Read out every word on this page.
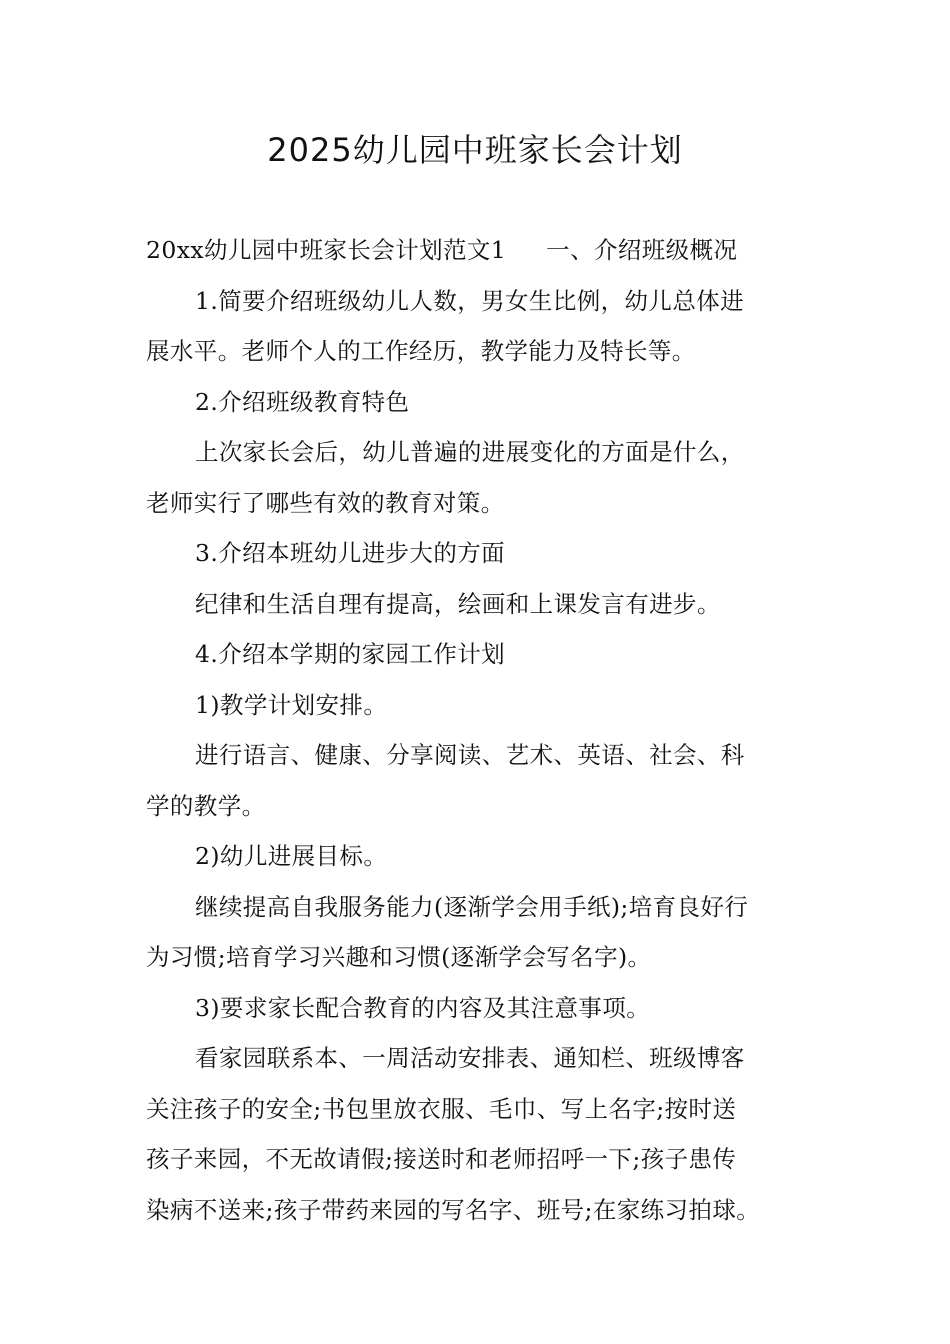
2025幼儿园中班家长会计划
20xx幼儿园中班家长会计划范文1 一、介绍班级概况
1.简要介绍班级幼儿人数，男女生比例，幼儿总体进
展水平。老师个人的工作经历，教学能力及特长等。
2.介绍班级教育特色
上次家长会后，幼儿普遍的进展变化的方面是什么，
老师实行了哪些有效的教育对策。
3.介绍本班幼儿进步大的方面
纪律和生活自理有提高，绘画和上课发言有进步。
4.介绍本学期的家园工作计划
1)教学计划安排。
进行语言、健康、分享阅读、艺术、英语、社会、科
学的教学。
2)幼儿进展目标。
继续提高自我服务能力(逐渐学会用手纸);培育良好行
为习惯;培育学习兴趣和习惯(逐渐学会写名字)。
3)要求家长配合教育的内容及其注意事项。
看家园联系本、一周活动安排表、通知栏、班级博客
关注孩子的安全;书包里放衣服、毛巾、写上名字;按时送
孩子来园，不无故请假;接送时和老师招呼一下;孩子患传
染病不送来;孩子带药来园的写名字、班号;在家练习拍球。
